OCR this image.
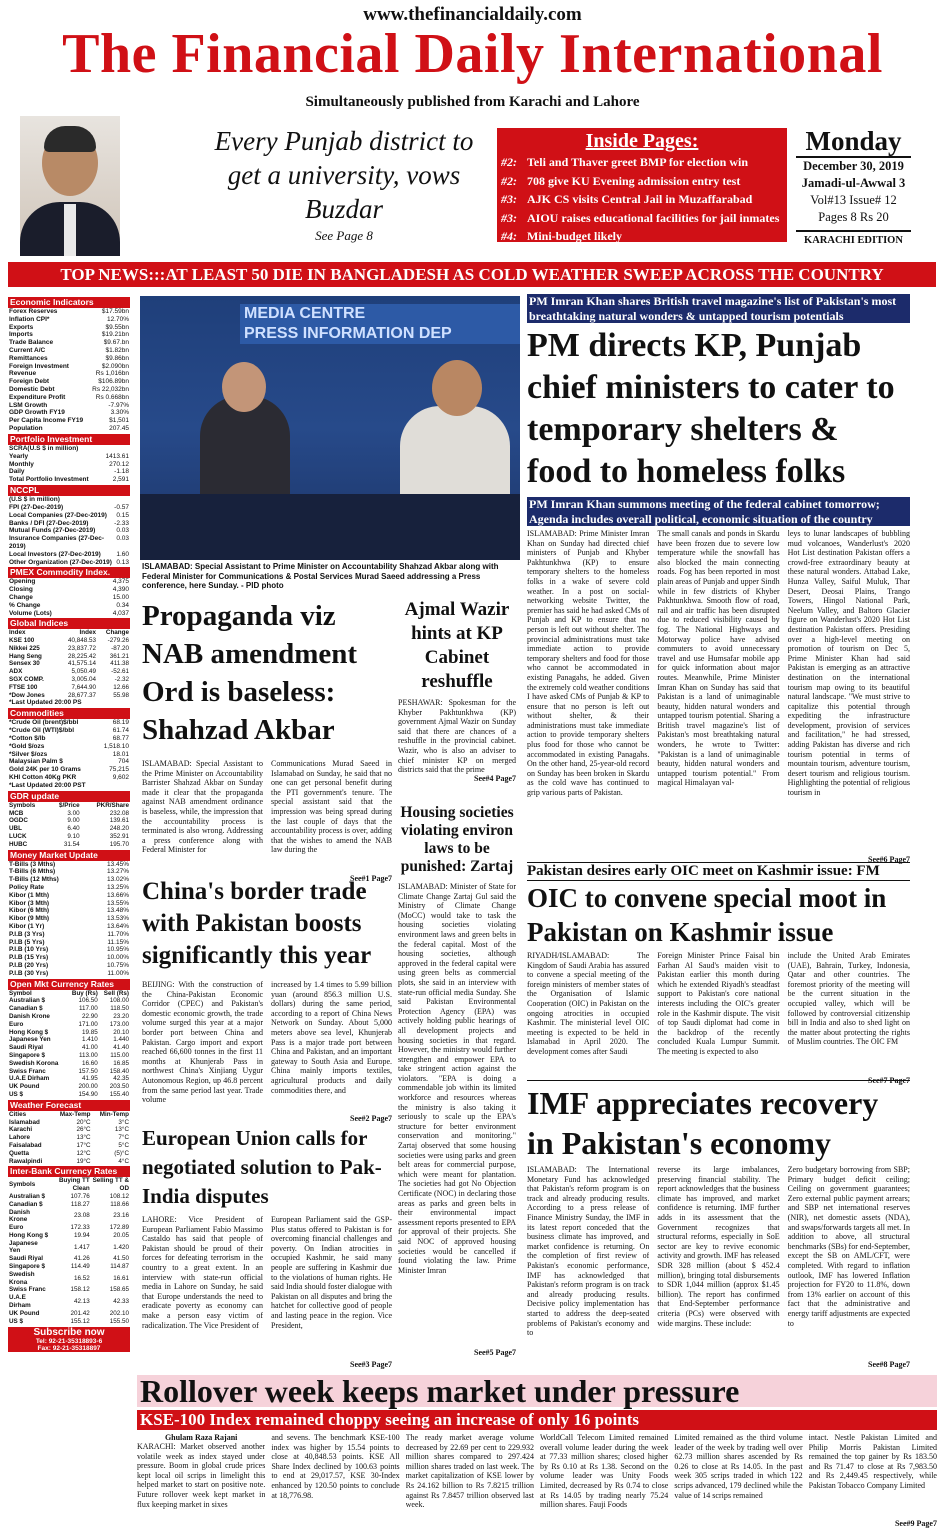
www.thefinancialdaily.com
The Financial Daily International
Simultaneously published from Karachi and Lahore
Every Punjab district to get a university, vows Buzdar
See Page 8
Inside Pages:
#2: Teli and Thaver greet BMP for election win
#2: 708 give KU Evening admission entry test
#3: AJK CS visits Central Jail in Muzaffarabad
#3: AIOU raises educational facilities for jail inmates
#4: Mini-budget likely
Monday
December 30, 2019
Jamadi-ul-Awwal 3
Vol#13 Issue# 12
Pages 8 Rs 20
KARACHI EDITION
TOP NEWS:::AT LEAST 50 DIE IN BANGLADESH AS COLD WEATHER SWEEP ACROSS THE COUNTRY
Economic Indicators
Forex Reserves	$17.59bn
Inflation CPI*	12.70%
Exports	$9.55bn
Imports	$19.21bn
Trade Balance	$9.67.bn
Current A/C	$1.82bn
Remittances	$9.86bn
Foreign Investment	$2.090bn
Revenue	Rs 1,016bn
Foreign Debt	$106.89bn
Domestic Debt	Rs 22,032bn
Expenditure Profit	Rs 0.668bn
LSM Growth	-7.97%
GDP Growth FY19	3.30%
Per Capita Income FY19	$1,501
Population	207.45
Portfolio Investment
SCRA(U.S $ in million)
Yearly	1413.61
Monthly	270.12
Daily	-1.18
Total Portfolio Investment	2,591
NCCPL
(U.S $ in million)
FPI (27-Dec-2019)	-0.57
Local Companies (27-Dec-2019) 0.15
Banks / DFI (27-Dec-2019)	-2.33
Mutual Funds (27-Dec-2019)	0.03
Insurance Companies (27-Dec-2019)
0.03
Local Investors (27-Dec-2019) 1.60
Other Organization (27-Dec-2019) 0.13
PMEX Commodity Index.
Opening	4,375
Closing	4,390
Change	15.00
% Change	0.34
Volume (Lots)	4,037
Global Indices
Index	Index	Change
KSE 100	40,848.53	-279.26
Nikkei 225	23,837.72	-87.20
Hang Seng	28,225.42	361.21
Sensex 30	41,575.14	411.38
ADX	5,050.49	-52.61
SGX COMP.	3,005.04	-2.32
FTSE 100	7,644.90	12.66
*Dow Jones	28,677.37	55.98
*Last Updated 20:00 PS
Commodities
*Crude Oil (brent)$/bbl	68.19
*Crude Oil (WTI)$/bbl	61.74
*Cotton $/lb	68.77
*Gold $/ozs	1,518.10
*Silver $/ozs	18.01
Malaysian Palm $	704
Gold 24K per 10 Grams	75,215
KHI Cotton 40Kg PKR	9,602
*Last Updated 20:00 PST
GDR update
Symbols	$/Price	PKR/Share
MCB	3.00	232.08
OGDC	9.00	139.61
UBL	6.40	248.20
LUCK	9.10	352.91
HUBC	31.54	195.70
Money Market Update
T-Bills (3 Mths)	13.45%
T-Bills (6 Mths)	13.27%
T-Bills (12 Mths)	13.02%
Policy Rate	13.25%
Kibor (1 Mth)	13.66%
Kibor (3 Mth)	13.55%
Kibor (6 Mth)	13.48%
Kibor (9 Mth)	13.53%
Kibor (1 Yr)	13.64%
P.I.B (3 Yrs)	11.70%
P.I.B (5 Yrs)	11.15%
P.I.B (10 Yrs)	10.95%
P.I.B (15 Yrs)	10.00%
P.I.B (20 Yrs)	10.75%
P.I.B (30 Yrs)	11.00%
Open Mkt Currency Rates
Symbol	Buy (Rs)	Sell (Rs)
Australian $	106.50	108.00
Canadian $	117.00	118.50
Danish Krone	22.90	23.20
Euro	171.00	173.00
Hong Kong $	19.85	20.10
Japanese Yen	1.410	1.440
Saudi Riyal	41.00	41.40
Singapore $	113.00	115.00
Swedish Korona	16.60	16.85
Swiss Franc	157.50	158.40
U.A.E Dirham	41.95	42.35
UK Pound	200.00	203.50
US $	154.90	155.40
Weather Forecast
Cities	Max-Temp	Min-Temp
Islamabad	20°C	3°C
Karachi	26°C	13°C
Lahore	13°C	7°C
Faisalabad	17°C	5°C
Quetta	12°C	(5)°C
Rawalpindi	19°C	4°C
Inter-Bank Currency Rates
Symbols	Buying TT Clean	Selling TT & OD
Australian $	107.76	108.12
Canadian $	118.27	118.66
Danish Krone	23.08	23.16
Euro	172.33	172.89
Hong Kong $	19.94	20.05
Japanese Yen	1.417	1.420
Saudi Riyal	41.26	41.50
Singapore $	114.49	114.87
Swedish Krona	16.52	16.61
Swiss Franc	158.12	158.65
U.A.E Dirham	42.13	42.33
UK Pound	201.42	202.10
US $	155.12	155.50
Subscribe now
Tel: 92-21-35318893-6
Fax: 92-21-35318897
MEDIA CENTRE
PRESS INFORMATION DEP
ISLAMABAD: Special Assistant to Prime Minister on Accountability Shahzad Akbar along with Federal Minister for Communications & Postal Services Murad Saeed addressing a Press conference, here Sunday. - PID photo
Propaganda viz NAB amendment Ord is baseless: Shahzad Akbar
ISLAMABAD: Special Assistant to the Prime Minister on Accountability Barrister Shahzad Akbar on Sunday made it clear that the propaganda against NAB amendment ordinance is baseless, while, the impression that the accountability process is terminated is also wrong. Addressing a press conference along with Federal Minister for
Communications Murad Saeed in Islamabad on Sunday, he said that no one can get personal benefit during the PTI government's tenure. The special assistant said that the impression was being spread during the last couple of days that the accountability process is over, adding that the wishes to amend the NAB law during the
See#1 Page7
Ajmal Wazir hints at KP Cabinet reshuffle
PESHAWAR: Spokesman for the Khyber Pakhtunkhwa (KP) government Ajmal Wazir on Sunday said that there are chances of a reshuffle in the provincial cabinet. Wazir, who is also an adviser to chief minister KP on merged districts said that the prime
See#4 Page7
Housing societies violating environ laws to be punished: Zartaj
ISLAMABAD: Minister of State for Climate Change Zartaj Gul said the Ministry of Climate Change (MoCC) would take to task the housing societies violating environment laws and green belts in the federal capital. Most of the housing societies, although approved in the federal capital were using green belts as commercial plots, she said in an interview with state-run official media Sunday. She said Pakistan Environmental Protection Agency (EPA) was actively holding public hearings of all development projects and housing societies in that regard. However, the ministry would further strengthen and empower EPA to take stringent action against the violators. "EPA is doing a commendable job within its limited workforce and resources whereas the ministry is also taking it seriously to scale up the EPA's structure for better environment conservation and monitoring." Zartaj observed that some housing societies were using parks and green belt areas for commercial purpose, which were meant for plantation. The societies had got No Objection Certificate (NOC) in declaring those areas as parks and green belts in their environmental impact assessment reports presented to EPA for approval of their projects. She said NOC of approved housing societies would be cancelled if found violating the law. Prime Minister Imran
See#5 Page7
China's border trade with Pakistan boosts significantly this year
BEIJING: With the construction of the China-Pakistan Economic Corridor (CPEC) and Pakistan's domestic economic growth, the trade volume surged this year at a major border port between China and Pakistan. Cargo import and export reached 66,600 tonnes in the first 11 months at Khunjerab Pass in northwest China's Xinjiang Uygur Autonomous Region, up 46.8 percent from the same period last year. Trade volume
increased by 1.4 times to 5.99 billion yuan (around 856.3 million U.S. dollars) during the same period, according to a report of China News Network on Sunday. About 5,000 meters above sea level, Khunjerab Pass is a major trade port between China and Pakistan, and an important gateway to South Asia and Europe. China mainly imports textiles, agricultural products and daily commodities there, and
See#2 Page7
European Union calls for negotiated solution to Pak-India disputes
LAHORE: Vice President of European Parliament Fabio Massimo Castaldo has said that people of Pakistan should be proud of their forces for defeating terrorism in the country to a great extent. In an interview with state-run official media in Lahore on Sunday, he said that Europe understands the need to eradicate poverty as economy can make a person easy victim of radicalization. The Vice President of
European Parliament said the GSP-Plus status offered to Pakistan is for overcoming financial challenges and poverty. On Indian atrocities in occupied Kashmir, he said many people are suffering in Kashmir due to the violations of human rights. He said India should foster dialogue with Pakistan on all disputes and bring the hatchet for collective good of people and lasting peace in the region. Vice President,
See#3 Page7
PM Imran Khan shares British travel magazine's list of Pakistan's most breathtaking natural wonders & untapped tourism potentials
PM directs KP, Punjab chief ministers to cater to temporary shelters & food to homeless folks
PM Imran Khan summons meeting of the federal cabinet tomorrow; Agenda includes overall political, economic situation of the country
ISLAMABAD: Prime Minister Imran Khan on Sunday had directed chief ministers of Punjab and Khyber Pakhtunkhwa (KP) to ensure temporary shelters to the homeless folks in a wake of severe cold weather. In a post on social-networking website Twitter, the premier has said he had asked CMs of Punjab and KP to ensure that no person is left out without shelter. The provincial administrations must take immediate action to provide temporary shelters and food for those who cannot be accommodated in existing Panagahs, he added. Given the extremely cold weather conditions I have asked CMs of Punjab & KP to ensure that no person is left out without shelter, & their administrations must take immediate action to provide temporary shelters plus food for those who cannot be accommodated in existing Panagahs. On the other hand, 25-year-old record on Sunday has been broken in Skardu as the cold wave has continued to grip various parts of Pakistan.
The small canals and ponds in Skardu have been frozen due to severe low temperature while the snowfall has also blocked the main connecting roads. Fog has been reported in most plain areas of Punjab and upper Sindh while in few districts of Khyber Pakhtunkhwa. Smooth flow of road, rail and air traffic has been disrupted due to reduced visibility caused by fog. The National Highways and Motorway police have advised commuters to avoid unnecessary travel and use Humsafar mobile app for quick information about major routes. Meanwhile, Prime Minister Imran Khan on Sunday has said that Pakistan is a land of unimaginable beauty, hidden natural wonders and untapped tourism potential. Sharing a British travel magazine's list of Pakistan's most breathtaking natural wonders, he wrote to Twitter: "Pakistan is a land of unimaginable beauty, hidden natural wonders and untapped tourism potential." From magical Himalayan val-
leys to lunar landscapes of bubbling mud volcanoes, Wanderlust's 2020 Hot List destination Pakistan offers a crowd-free extraordinary beauty at these natural wonders. Attabad Lake, Hunza Valley, Saiful Muluk, Thar Desert, Deosai Plains, Trango Towers, Hingol National Park, Neelum Valley, and Baltoro Glacier figure on Wanderlust's 2020 Hot List destination Pakistan offers. Presiding over a high-level meeting on promotion of tourism on Dec 5, Prime Minister Khan had said Pakistan is emerging as an attractive destination on the international tourism map owing to its beautiful natural landscape. "We must strive to capitalize this potential through expediting the infrastructure development, provision of services and facilitation," he had stressed, adding Pakistan has diverse and rich tourism potential in terms of mountain tourism, adventure tourism, desert tourism and religious tourism. Highlighting the potential of religious tourism in
See#6 Page7
Pakistan desires early OIC meet on Kashmir issue: FM
OIC to convene special moot in Pakistan on Kashmir issue
RIYADH/ISLAMABAD: The Kingdom of Saudi Arabia has assured to convene a special meeting of the foreign ministers of member states of the Organisation of Islamic Cooperation (OIC) in Pakistan on the ongoing atrocities in occupied Kashmir. The ministerial level OIC meeting is expected to be held in Islamabad in April 2020. The development comes after Saudi
Foreign Minister Prince Faisal bin Farhan Al Saud's maiden visit to Pakistan earlier this month during which he extended Riyadh's steadfast support to Pakistan's core national interests including the OIC's greater role in the Kashmir dispute. The visit of top Saudi diplomat had come in the backdrop of the recently concluded Kuala Lumpur Summit. The meeting is expected to also
include the United Arab Emirates (UAE), Bahrain, Turkey, Indonesia, Qatar and other countries. The foremost priority of the meeting will be the current situation in the occupied valley, which will be followed by controversial citizenship bill in India and also to shed light on the matter about protecting the rights of Muslim countries. The OIC FM
See#7 Page7
IMF appreciates recovery in Pakistan's economy
ISLAMABAD: The International Monetary Fund has acknowledged that Pakistan's reform program is on track and already producing results. According to a press release of Finance Ministry Sunday, the IMF in its latest report conceded that the business climate has improved, and market confidence is returning. On the completion of first review of Pakistan's economic performance, IMF has acknowledged that Pakistan's reform program is on track and already producing results. Decisive policy implementation has started to address the deep-seated problems of Pakistan's economy and to
reverse its large imbalances, preserving financial stability. The report acknowledges that the business climate has improved, and market confidence is returning. IMF further adds in its assessment that the Government recognizes that structural reforms, especially in SoE sector are key to revive economic activity and growth. IMF has released SDR 328 million (about $ 452.4 million), bringing total disbursements to SDR 1,044 million (approx $1.45 billion). The report has confirmed that End-September performance criteria (PCs) were observed with wide margins. These include:
Zero budgetary borrowing from SBP; Primary budget deficit ceiling; Ceiling on government guarantees; Zero external public payment arrears; and SBP net international reserves (NIR), net domestic assets (NDA), and swaps/forwards targets all met. In addition to above, all structural benchmarks (SBs) for end-September, except the SB on AML/CFT, were completed. With regard to inflation outlook, IMF has lowered Inflation projection for FY20 to 11.8%, down from 13% earlier on account of this fact that the administrative and energy tariff adjustments are expected to
See#8 Page7
Rollover week keeps market under pressure
KSE-100 Index remained choppy seeing an increase of only 16 points
Ghulam Raza Rajani
KARACHI: Market observed another volatile week as index stayed under pressure. Boom in global crude prices kept local oil scrips in limelight this helped market to start on positive note. Future rollover week kept market in flux keeping market in sixes
and sevens. The benchmark KSE-100 index was higher by 15.54 points to close at 40,848.53 points. KSE All Share Index declined by 100.63 points to end at 29,017.57, KSE 30-Index enhanced by 120.50 points to conclude at 18,776.98.
The ready market average volume decreased by 22.69 per cent to 229.932 million shares compared to 297.424 million shares traded on last week. The market capitalization of KSE lower by Rs 24.162 billion to Rs 7.8215 trillion against Rs 7.8457 trillion observed last week.
WorldCall Telecom Limited remained overall volume leader during the week at 77.33 million shares; closed higher by Rs 0.10 at Rs 1.38. Second on the volume leader was Unity Foods Limited, decreased by Rs 0.74 to close at Rs 14.05 by trading nearly 75.24 million shares. Fauji Foods
Limited remained as the third volume leader of the week by trading well over 62.73 million shares ascended by Rs 0.26 to close at Rs 14.05. In the past week 305 scrips traded in which 122 scrips advanced, 179 declined while the value of 14 scrips remained
intact. Nestle Pakistan Limited and Philip Morris Pakistan Limited remained the top gainer by Rs 183.50 and Rs 71.47 to close at Rs 7,983.50 and Rs 2,449.45 respectively, while Pakistan Tobacco Company Limited
See#9 Page7
